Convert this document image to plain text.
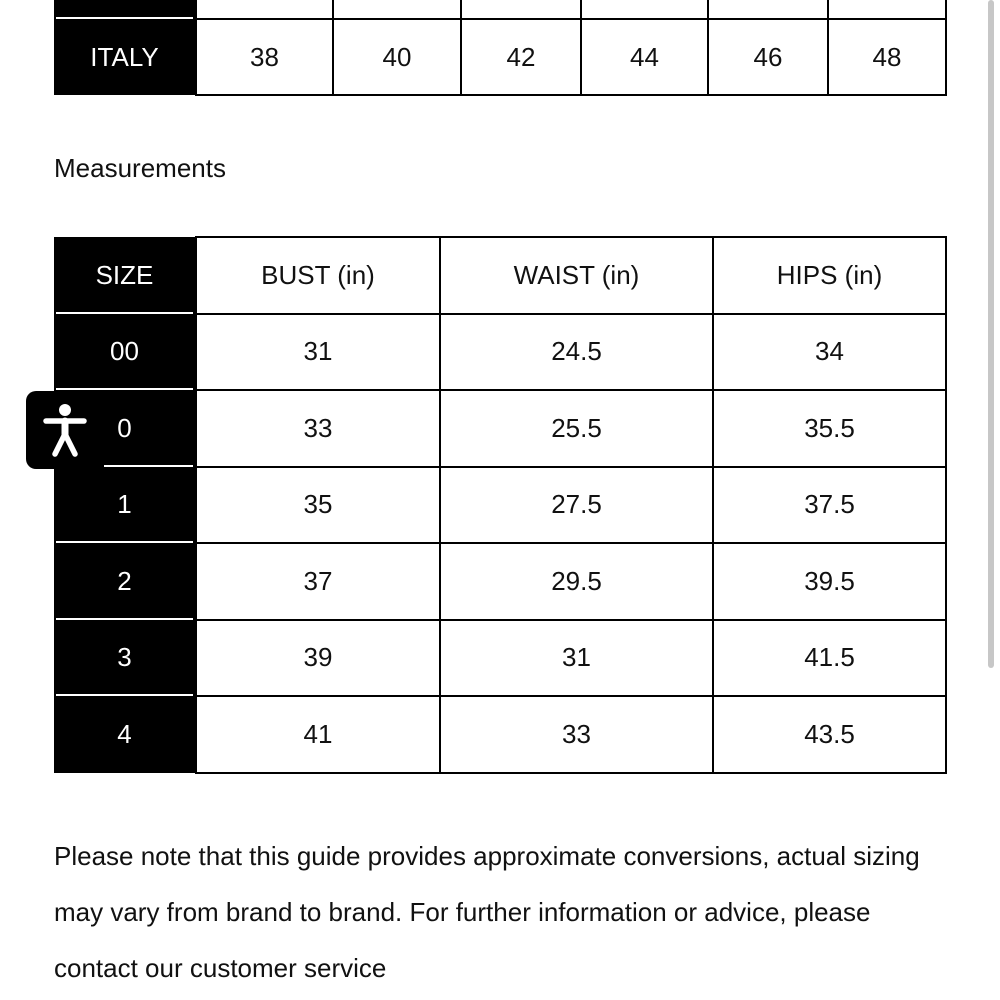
ITALY	38	40	42	44	46	48
Measurements
SIZE	BUST (in)	WAIST (in)	HIPS (in)
00	31	24.5	34
0	33	25.5	35.5
1	35	27.5	37.5
2	37	29.5	39.5
3	39	31	41.5
4	41	33	43.5

Please note that this guide provides approximate conversions, actual sizing may vary from brand to brand. For further information or advice, please contact our customer service
